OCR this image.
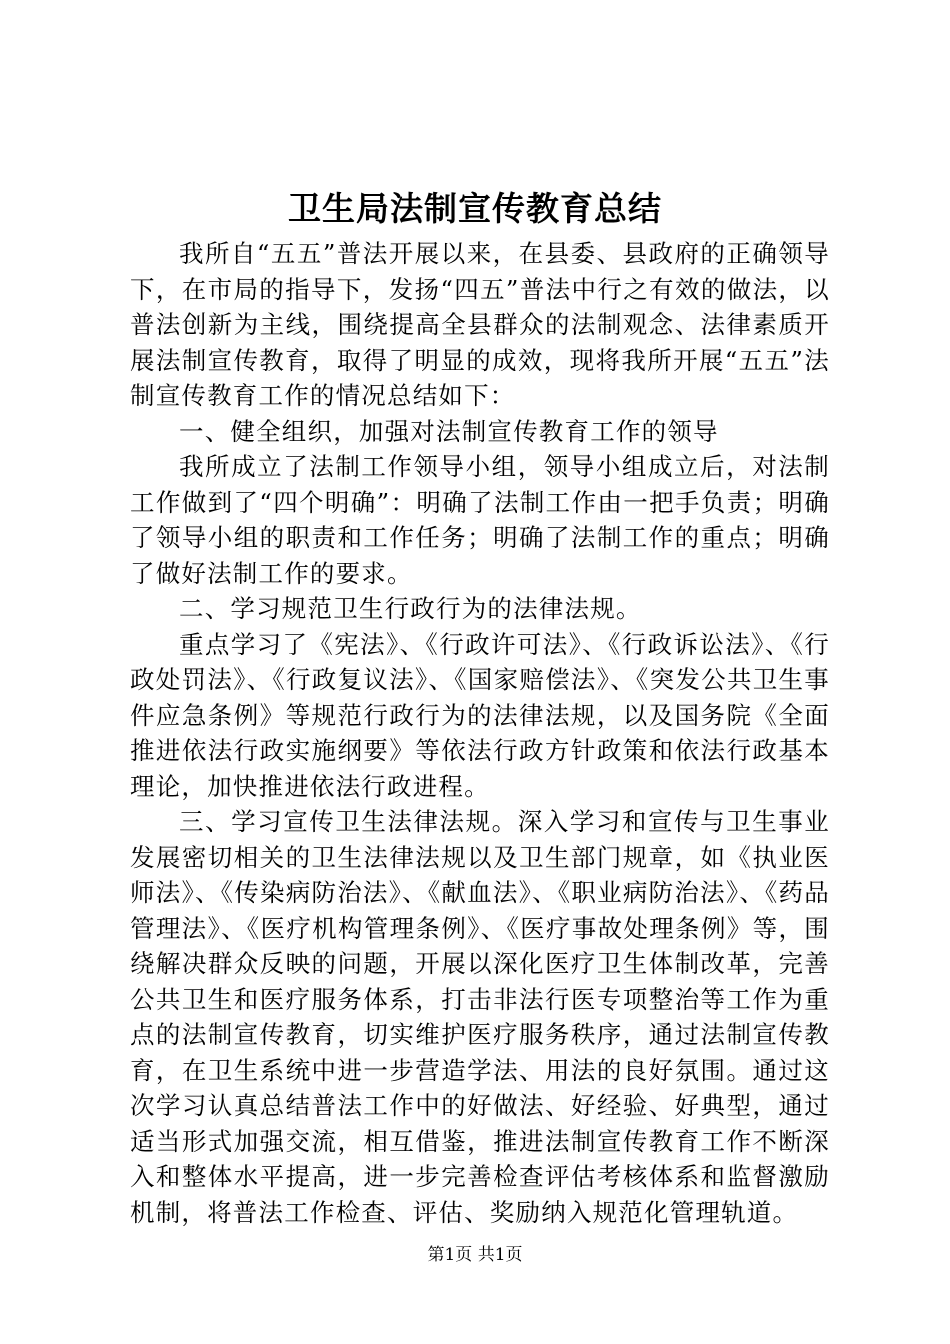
卫生局法制宣传教育总结

我所自“五五”普法开展以来，在县委、县政府的正确领导下，在市局的指导下，发扬“四五”普法中行之有效的做法，以普法创新为主线，围绕提高全县群众的法制观念、法律素质开展法制宣传教育，取得了明显的成效，现将我所开展“五五”法制宣传教育工作的情况总结如下：

一、健全组织，加强对法制宣传教育工作的领导

我所成立了法制工作领导小组，领导小组成立后，对法制工作做到了“四个明确”：明确了法制工作由一把手负责；明确了领导小组的职责和工作任务；明确了法制工作的重点；明确了做好法制工作的要求。

二、学习规范卫生行政行为的法律法规。

重点学习了《宪法》、《行政许可法》、《行政诉讼法》、《行政处罚法》、《行政复议法》、《国家赔偿法》、《突发公共卫生事件应急条例》等规范行政行为的法律法规，以及国务院《全面推进依法行政实施纲要》等依法行政方针政策和依法行政基本理论，加快推进依法行政进程。

三、学习宣传卫生法律法规。深入学习和宣传与卫生事业发展密切相关的卫生法律法规以及卫生部门规章，如《执业医师法》、《传染病防治法》、《献血法》、《职业病防治法》、《药品管理法》、《医疗机构管理条例》、《医疗事故处理条例》等，围绕解决群众反映的问题，开展以深化医疗卫生体制改革，完善公共卫生和医疗服务体系，打击非法行医专项整治等工作为重点的法制宣传教育，切实维护医疗服务秩序，通过法制宣传教育，在卫生系统中进一步营造学法、用法的良好氛围。通过这次学习认真总结普法工作中的好做法、好经验、好典型，通过适当形式加强交流，相互借鉴，推进法制宣传教育工作不断深入和整体水平提高，进一步完善检查评估考核体系和监督激励机制，将普法工作检查、评估、奖励纳入规范化管理轨道。

第1页 共1页
